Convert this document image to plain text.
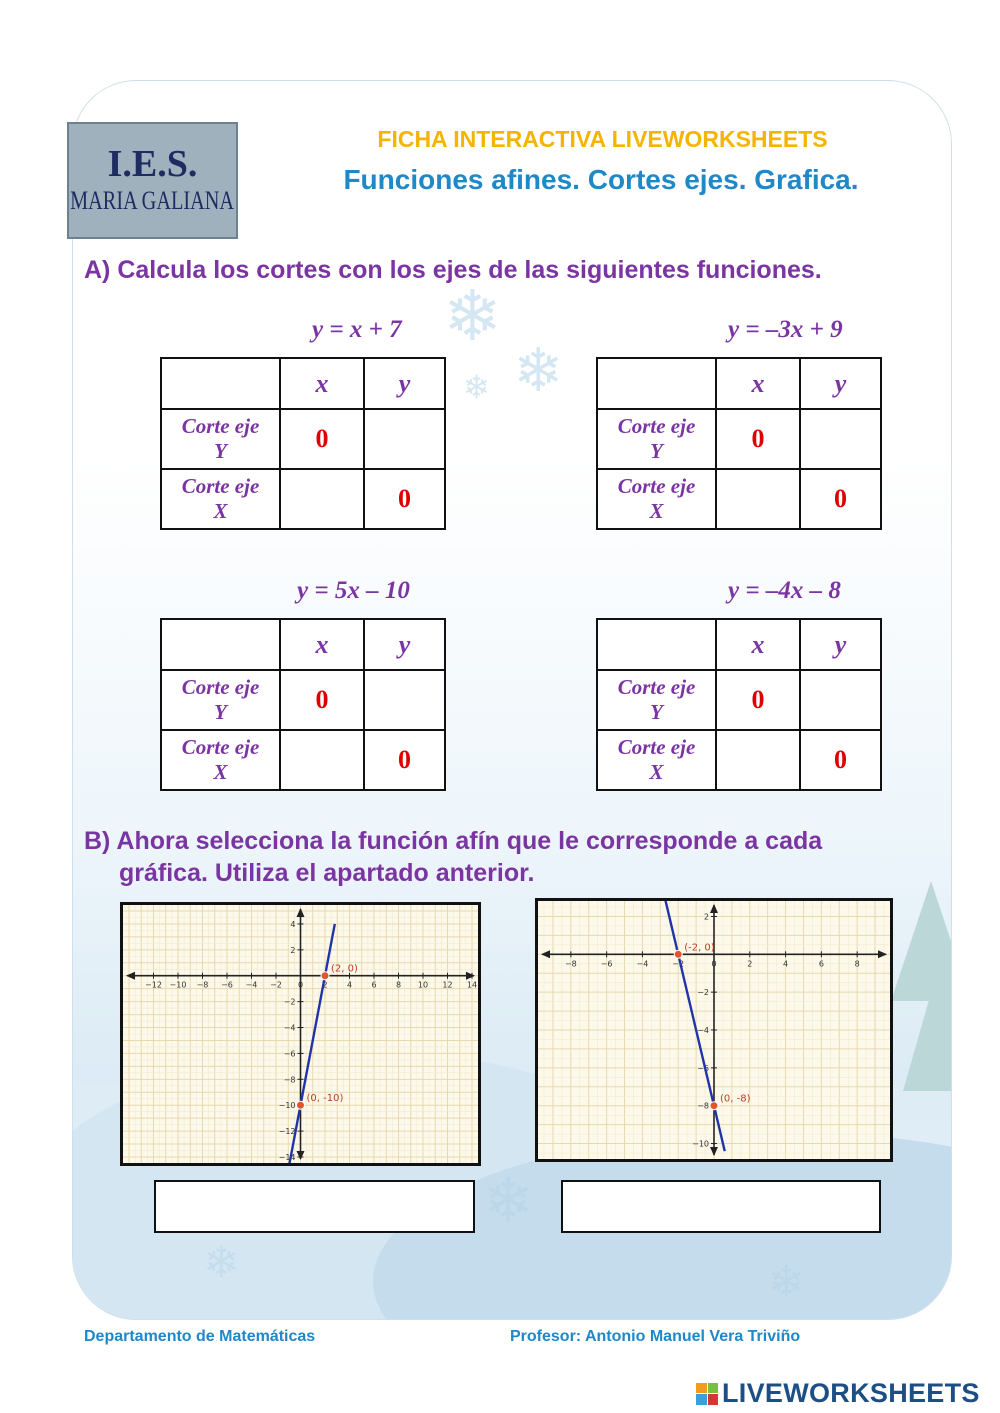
❄
❄
❄
❄
❄	❄
I.E.S.
MARIA GALIANA
FICHA INTERACTIVA LIVEWORKSHEETS
Funciones afines. Cortes ejes. Grafica.
A) Calcula los cortes con los ejes de las siguientes funciones.
y = x + 7	y = –3x + 9
y = 5x – 10	y = –4x – 8
	x	y

Corte eje
Y	0	

Corte eje
X		0
	x	y

Corte eje
Y	0	

Corte eje
X		0
	x	y

Corte eje
Y	0	

Corte eje
X		0
	x	y

Corte eje
Y	0	

Corte eje
X		0
B) Ahora selecciona la función afín que le corresponde a cada
gráfica. Utiliza el apartado anterior.
−12 −10 −8 −6 −4 −2 0 2 4 6 8 10 12 14
4
2
−2
−4
−6
−8
−10
−12
−14
(2, 0)
(0, -10)
−8	−6	−4	−2	0	2	4	6	8
2
−2
−4
−6
−8
−10
(-2, 0)
(0, -8)
Departamento de Matemáticas	Profesor: Antonio Manuel Vera Triviño
LIVEWORKSHEETS
